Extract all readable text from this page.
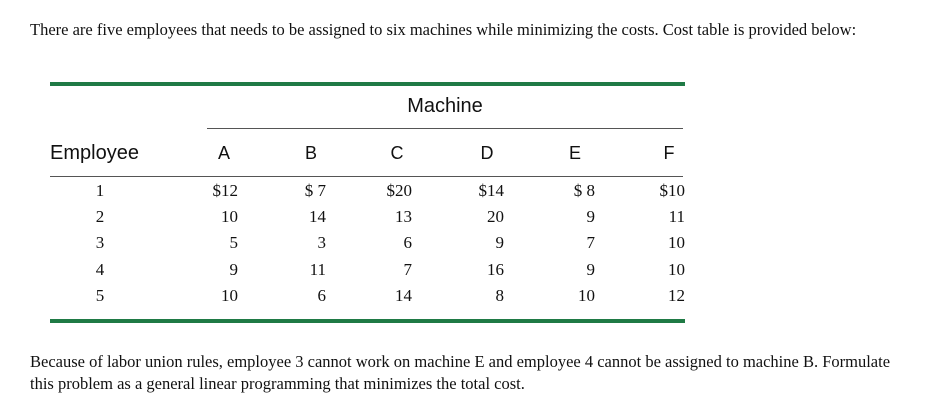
There are five employees that needs to be assigned to six machines while minimizing the costs. Cost table is provided below:

Machine
Employee	A	B	C	D	E	F
1	$12	$ 7	$20	$14	$ 8	$10
2	10	14	13	20	9	11
3	5	3	6	9	7	10
4	9	11	7	16	9	10
5	10	6	14	8	10	12

Because of labor union rules, employee 3 cannot work on machine E and employee 4 cannot be assigned to machine B. Formulate this problem as a general linear programming that minimizes the total cost.
